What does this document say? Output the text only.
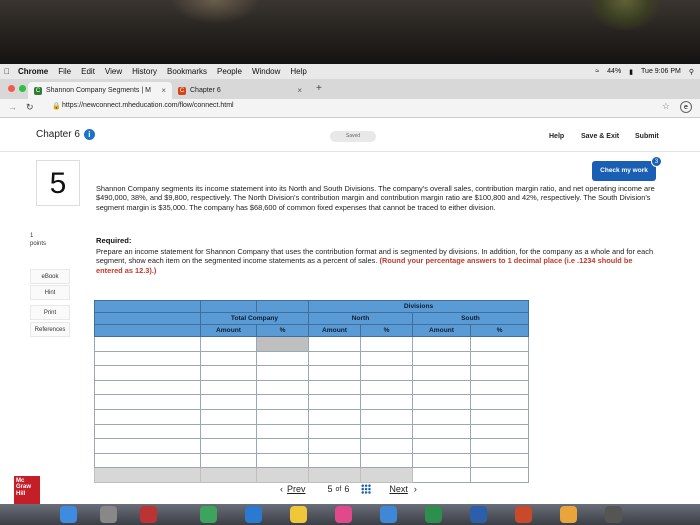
Chrome File Edit View History Bookmarks People Window Help	≈ 44% ▮ Tue 9:06 PM ⚲
C Shannon Company Segments | M ×	C Chapter 6	× +
→ ↻	🔒 https://newconnect.mheducation.com/flow/connect.html	☆	e
Chapter 6	i	Saved	Help Save & Exit Submit
5
1
points
eBook
Hint
Print
References
Check my work
3
Shannon Company segments its income statement into its North and South Divisions. The company's overall sales, contribution margin ratio, and net operating income are $490,000, 38%, and $9,800, respectively. The North Division's contribution margin and contribution margin ratio are $100,800 and 42%, respectively. The South Division's segment margin is $35,000. The company has $68,600 of common fixed expenses that cannot be traced to either division.
Required:
Prepare an income statement for Shannon Company that uses the contribution format and is segmented by divisions. In addition, for the company as a whole and for each segment, show each item on the segmented income statements as a percent of sales. (Round your percentage answers to 1 decimal place (i.e .1234 should be entered as 12.3).)
			Divisions			
	Total Company		North		South	
	Amount	%	Amount	%	Amount	%

Mc
Graw
Hill	‹ Prev 5 of 6	Next ›
